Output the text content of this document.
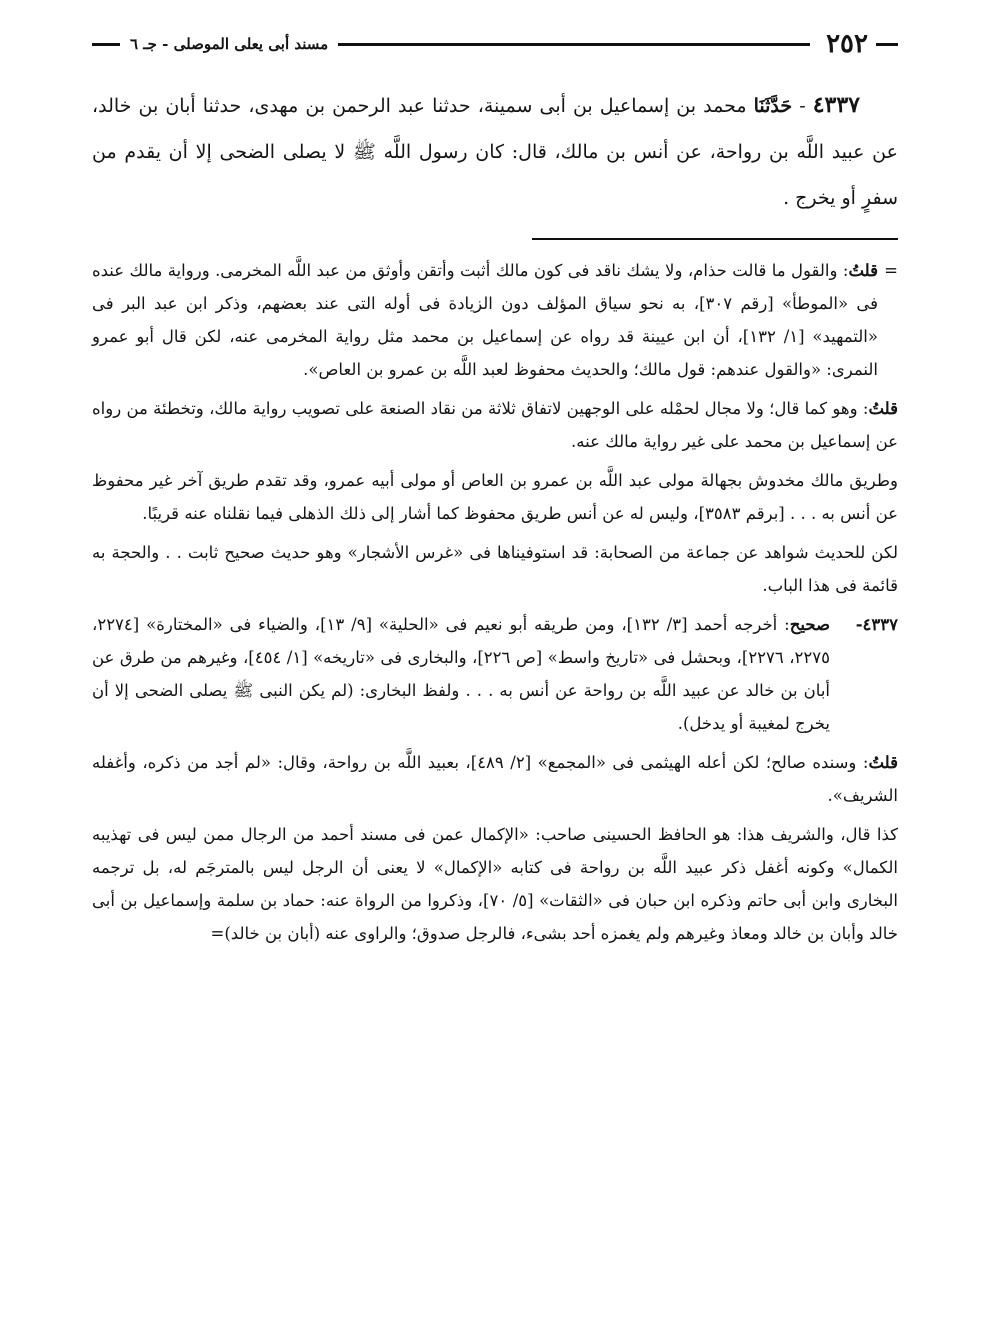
٢٥٢
مسند أبى يعلى الموصلى - جـ ٦
٤٣٣٧ - حَدَّثَنَا محمد بن إسماعيل بن أبى سمينة، حدثنا عبد الرحمن بن مهدى، حدثنا أبان بن خالد، عن عبيد اللَّه بن رواحة، عن أنس بن مالك، قال: كان رسول اللَّه ﷺ لا يصلى الضحى إلا أن يقدم من سفرٍ أو يخرج .

=
قلتُ: والقول ما قالت حذام، ولا يشك ناقد فى كون مالك أثبت وأتقن وأوثق من عبد اللَّه المخرمى. ورواية مالك عنده فى «الموطأ» [رقم ٣٠٧]، به نحو سياق المؤلف دون الزيادة فى أوله التى عند بعضهم، وذكر ابن عبد البر فى «التمهيد» [١/ ١٣٢]، أن ابن عيينة قد رواه عن إسماعيل بن محمد مثل رواية المخرمى عنه، لكن قال أبو عمرو النمرى: «والقول عندهم: قول مالك؛ والحديث محفوظ لعبد اللَّه بن عمرو بن العاص».

قلتُ: وهو كما قال؛ ولا مجال لحمْله على الوجهين لاتفاق ثلاثة من نقاد الصنعة على تصويب رواية مالك، وتخطئة من رواه عن إسماعيل بن محمد على غير رواية مالك عنه.

وطريق مالك مخدوش بجهالة مولى عبد اللَّه بن عمرو بن العاص أو مولى أبيه عمرو، وقد تقدم طريق آخر غير محفوظ عن أنس به . . . [برقم ٣٥٨٣]، وليس له عن أنس طريق محفوظ كما أشار إلى ذلك الذهلى فيما نقلناه عنه قريبًا.

لكن للحديث شواهد عن جماعة من الصحابة: قد استوفيناها فى «غرس الأشجار» وهو حديث صحيح ثابت . . والحجة به قائمة فى هذا الباب.

٤٣٣٧-
صحيح: أخرجه أحمد [٣/ ١٣٢]، ومن طريقه أبو نعيم فى «الحلية» [٩/ ١٣]، والضياء فى «المختارة» [٢٢٧٤، ٢٢٧٥، ٢٢٧٦]، وبحشل فى «تاريخ واسط» [ص ٢٢٦]، والبخارى فى «تاريخه» [١/ ٤٥٤]، وغيرهم من طرق عن أبان بن خالد عن عبيد اللَّه بن رواحة عن أنس به . . . ولفظ البخارى: (لم يكن النبى ﷺ يصلى الضحى إلا أن يخرج لمغيبة أو يدخل).

قلتُ: وسنده صالح؛ لكن أعله الهيثمى فى «المجمع» [٢/ ٤٨٩]، بعبيد اللَّه بن رواحة، وقال: «لم أجد من ذكره، وأغفله الشريف».

كذا قال، والشريف هذا: هو الحافظ الحسينى صاحب: «الإكمال عمن فى مسند أحمد من الرجال ممن ليس فى تهذيبه الكمال» وكونه أغفل ذكر عبيد اللَّه بن رواحة فى كتابه «الإكمال» لا يعنى أن الرجل ليس بالمترجَم له، بل ترجمه البخارى وابن أبى حاتم وذكره ابن حبان فى «الثقات» [٥/ ٧٠]، وذكروا من الرواة عنه: حماد بن سلمة وإسماعيل بن أبى خالد وأبان بن خالد ومعاذ وغيرهم ولم يغمزه أحد بشىء، فالرجل صدوق؛ والراوى عنه (أبان بن خالد)=
